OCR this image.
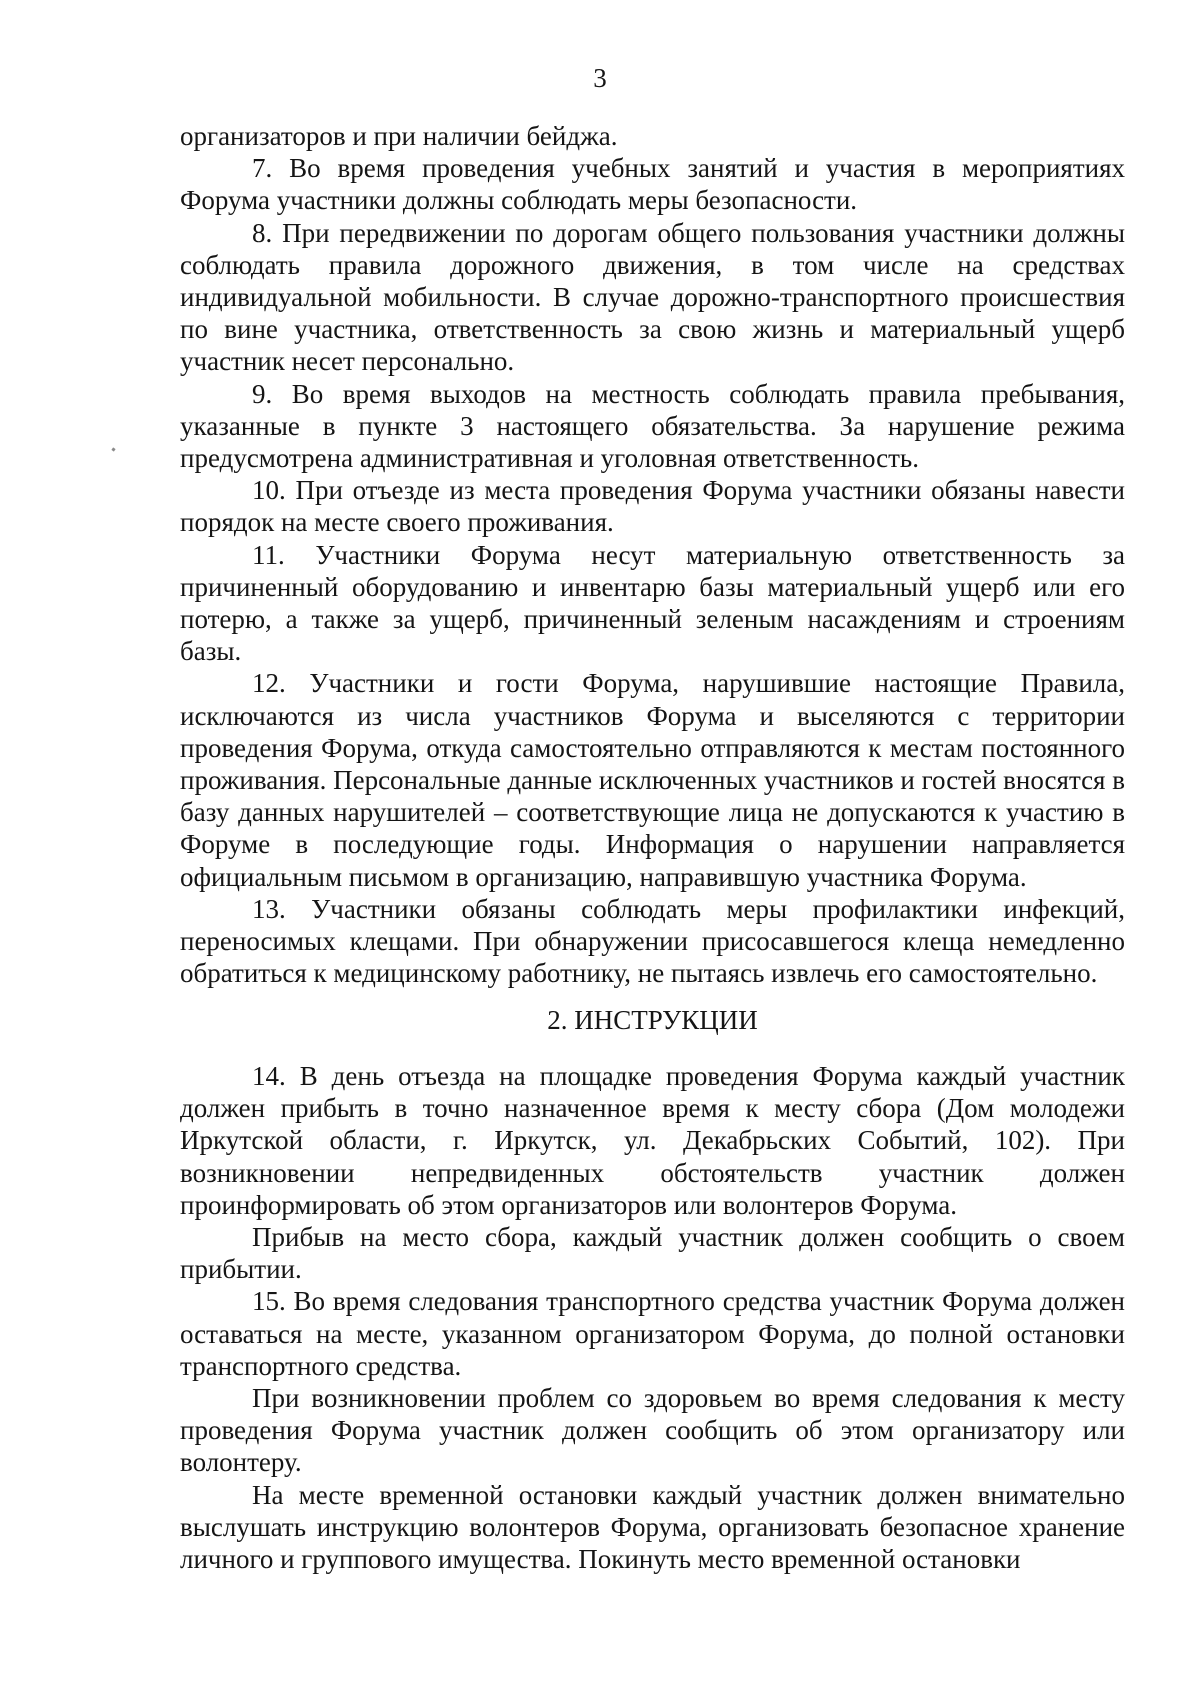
3

организаторов и при наличии бейджа.

7. Во время проведения учебных занятий и участия в мероприятиях Форума участники должны соблюдать меры безопасности.

8. При передвижении по дорогам общего пользования участники должны соблюдать правила дорожного движения, в том числе на средствах индивидуальной мобильности. В случае дорожно-транспортного происшествия по вине участника, ответственность за свою жизнь и материальный ущерб участник несет персонально.

9. Во время выходов на местность соблюдать правила пребывания, указанные в пункте 3 настоящего обязательства. За нарушение режима предусмотрена административная и уголовная ответственность.

10. При отъезде из места проведения Форума участники обязаны навести порядок на месте своего проживания.

11. Участники Форума несут материальную ответственность за причиненный оборудованию и инвентарю базы материальный ущерб или его потерю, а также за ущерб, причиненный зеленым насаждениям и строениям базы.

12. Участники и гости Форума, нарушившие настоящие Правила, исключаются из числа участников Форума и выселяются с территории проведения Форума, откуда самостоятельно отправляются к местам постоянного проживания. Персональные данные исключенных участников и гостей вносятся в базу данных нарушителей – соответствующие лица не допускаются к участию в Форуме в последующие годы. Информация о нарушении направляется официальным письмом в организацию, направившую участника Форума.

13. Участники обязаны соблюдать меры профилактики инфекций, переносимых клещами. При обнаружении присосавшегося клеща немедленно обратиться к медицинскому работнику, не пытаясь извлечь его самостоятельно.

2. ИНСТРУКЦИИ

14. В день отъезда на площадке проведения Форума каждый участник должен прибыть в точно назначенное время к месту сбора (Дом молодежи Иркутской области, г. Иркутск, ул. Декабрьских Событий, 102). При возникновении непредвиденных обстоятельств участник должен проинформировать об этом организаторов или волонтеров Форума.

Прибыв на место сбора, каждый участник должен сообщить о своем прибытии.

15. Во время следования транспортного средства участник Форума должен оставаться на месте, указанном организатором Форума, до полной остановки транспортного средства.

При возникновении проблем со здоровьем во время следования к месту проведения Форума участник должен сообщить об этом организатору или волонтеру.

На месте временной остановки каждый участник должен внимательно выслушать инструкцию волонтеров Форума, организовать безопасное хранение личного и группового имущества. Покинуть место временной остановки
